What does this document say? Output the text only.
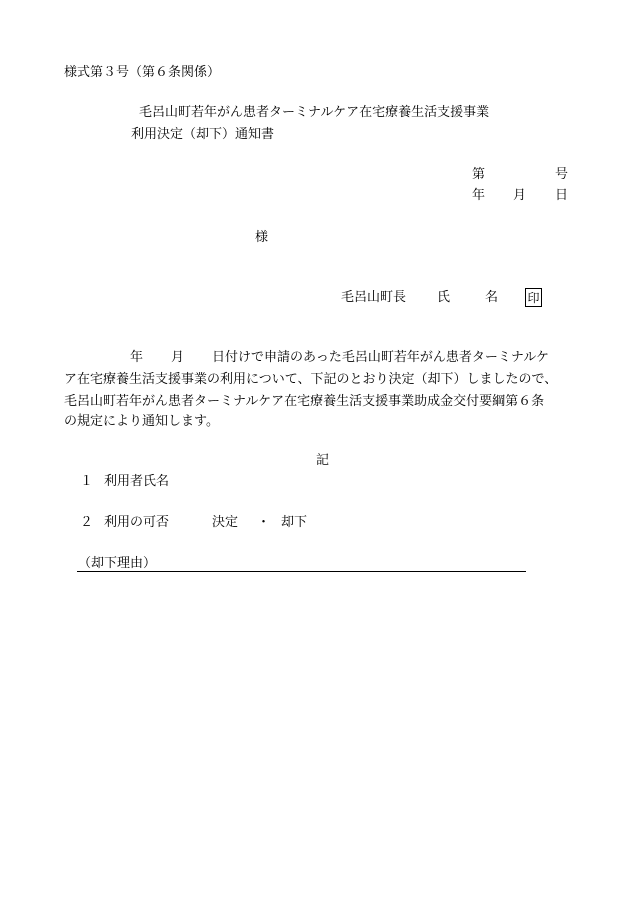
様式第３号（第６条関係）
毛呂山町若年がん患者ターミナルケア在宅療養生活支援事業
利用決定（却下）通知書
第	号
年 月 日
様
毛呂山町長 氏	名 印
年 月 日付けで申請のあった毛呂山町若年がん患者ターミナルケ
ア在宅療養生活支援事業の利用について、下記のとおり決定（却下）しましたので、
毛呂山町若年がん患者ターミナルケア在宅療養生活支援事業助成金交付要綱第６条
の規定により通知します。
記
１ 利用者氏名
２ 利用の可否	決定 ・ 却下
（却下理由）
